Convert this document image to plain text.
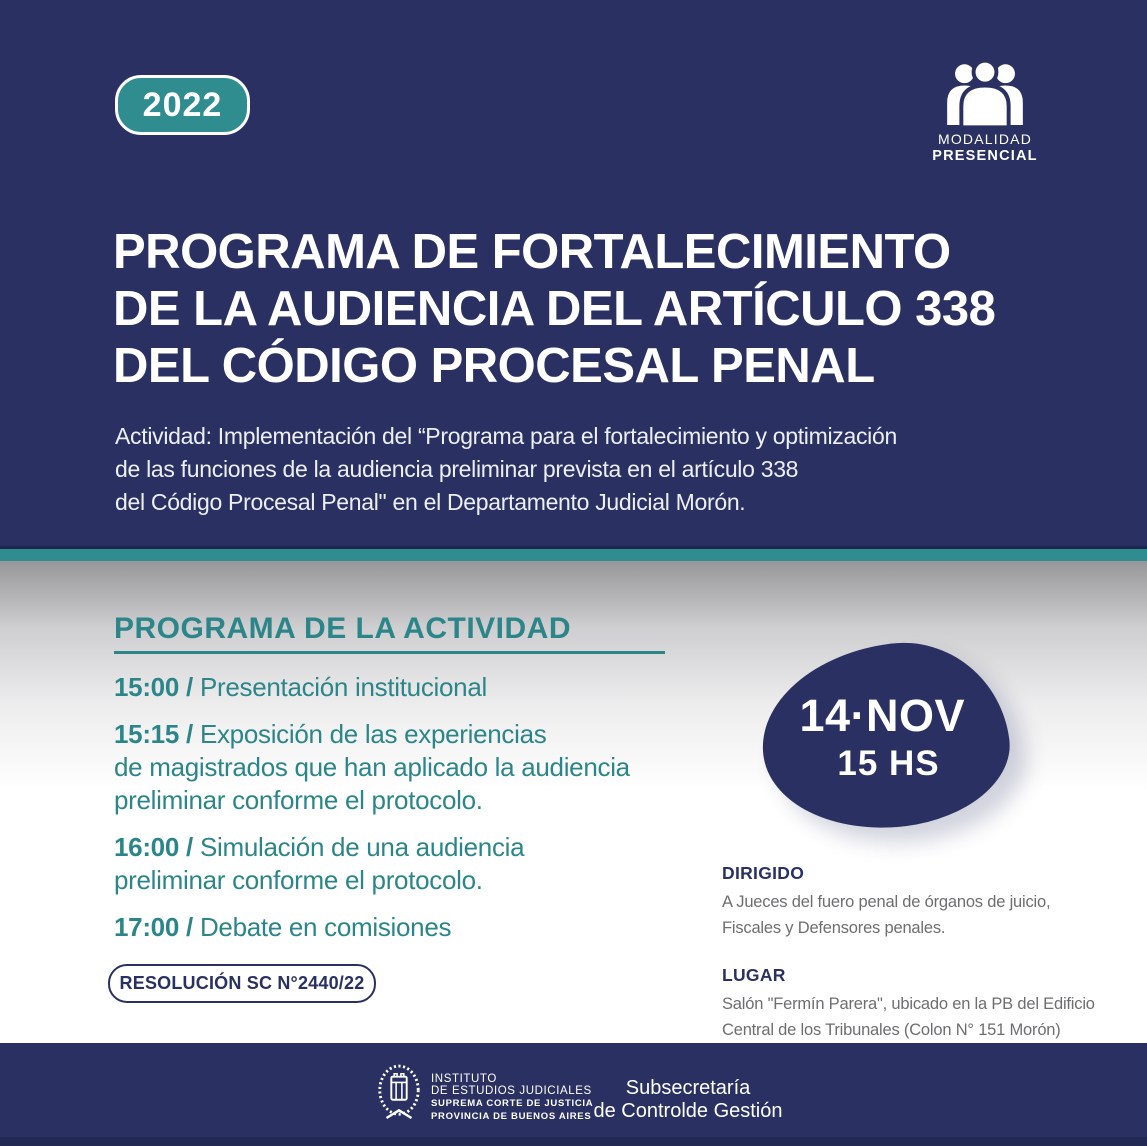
2022
MODALIDAD
PRESENCIAL
PROGRAMA DE FORTALECIMIENTO
DE LA AUDIENCIA DEL ARTÍCULO 338
DEL CÓDIGO PROCESAL PENAL
Actividad: Implementación del “Programa para el fortalecimiento y optimización
de las funciones de la audiencia preliminar prevista en el artículo 338
del Código Procesal Penal" en el Departamento Judicial Morón.
PROGRAMA DE LA ACTIVIDAD
15:00 / Presentación institucional
15:15 / Exposición de las experiencias
de magistrados que han aplicado la audiencia
preliminar conforme el protocolo.
16:00 / Simulación de una audiencia
preliminar conforme el protocolo.
17:00 / Debate en comisiones
RESOLUCIÓN SC N°2440/22
14·NOV
15 HS
DIRIGIDO
A Jueces del fuero penal de órganos de juicio,
Fiscales y Defensores penales.
LUGAR
Salón "Fermín Parera", ubicado en la PB del Edificio
Central de los Tribunales (Colon N° 151 Morón)
INSTITUTO
DE ESTUDIOS JUDICIALES
SUPREMA CORTE DE JUSTICIA
PROVINCIA DE BUENOS AIRES
Subsecretaría
de Controlde Gestión
